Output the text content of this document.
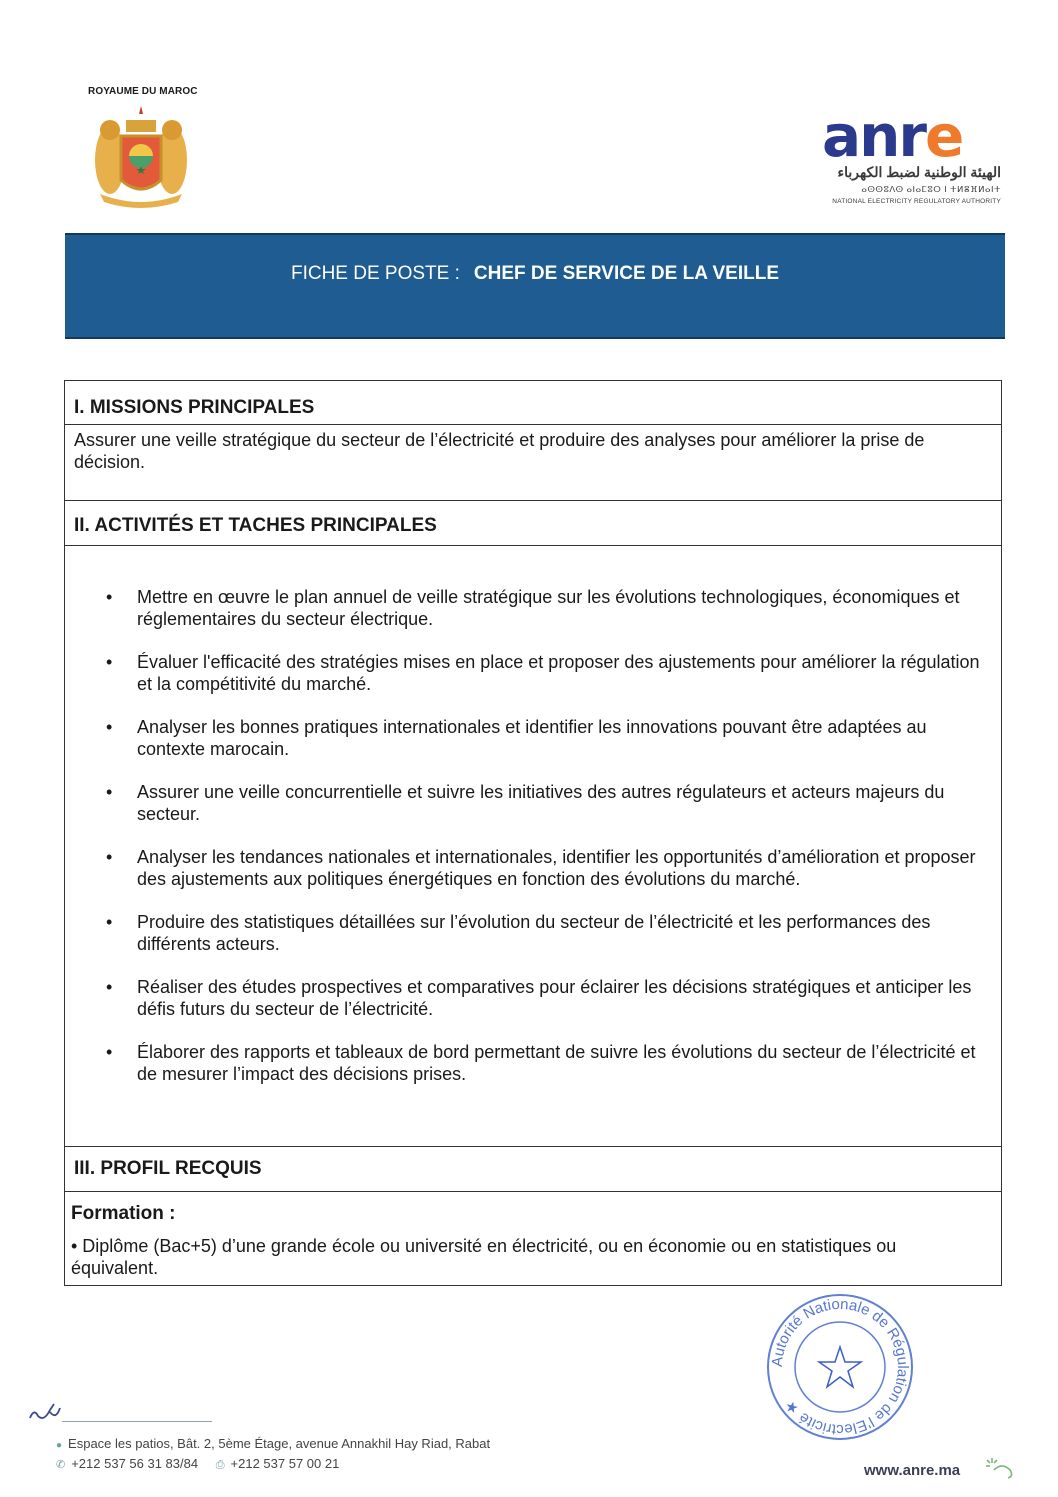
ROYAUME DU MAROC
anre
الهيئة الوطنية لضبط الكهرباء
ⴰⵙⵙⵓⴷⵙ ⴰⵏⴰⵎⵓⵔ ⵏ ⵜⵍⴻⴼⵍⴰⵏⵜ
NATIONAL ELECTRICITY REGULATORY AUTHORITY
FICHE DE POSTE : CHEF DE SERVICE DE LA VEILLE
I. MISSIONS PRINCIPALES
Assurer une veille stratégique du secteur de l’électricité et produire des analyses pour améliorer la prise de décision.
II. ACTIVITÉS ET TACHES PRINCIPALES
• Mettre en œuvre le plan annuel de veille stratégique sur les évolutions technologiques, économiques et réglementaires du secteur électrique.
• Évaluer l'efficacité des stratégies mises en place et proposer des ajustements pour améliorer la régulation et la compétitivité du marché.
• Analyser les bonnes pratiques internationales et identifier les innovations pouvant être adaptées au contexte marocain.
• Assurer une veille concurrentielle et suivre les initiatives des autres régulateurs et acteurs majeurs du secteur.
• Analyser les tendances nationales et internationales, identifier les opportunités d’amélioration et proposer des ajustements aux politiques énergétiques en fonction des évolutions du marché.
• Produire des statistiques détaillées sur l’évolution du secteur de l’électricité et les performances des différents acteurs.
• Réaliser des études prospectives et comparatives pour éclairer les décisions stratégiques et anticiper les défis futurs du secteur de l’électricité.
• Élaborer des rapports et tableaux de bord permettant de suivre les évolutions du secteur de l’électricité et de mesurer l’impact des décisions prises.
III. PROFIL RECQUIS
Formation :
• Diplôme (Bac+5) d’une grande école ou université en électricité, ou en économie ou en statistiques ou équivalent.
Autorité Nationale de Régulation de l'Electricité ★
● Espace les patios, Bât. 2, 5ème Étage, avenue Annakhil Hay Riad, Rabat
✆ +212 537 56 31 83/84 ⎙ +212 537 57 00 21	www.anre.ma
